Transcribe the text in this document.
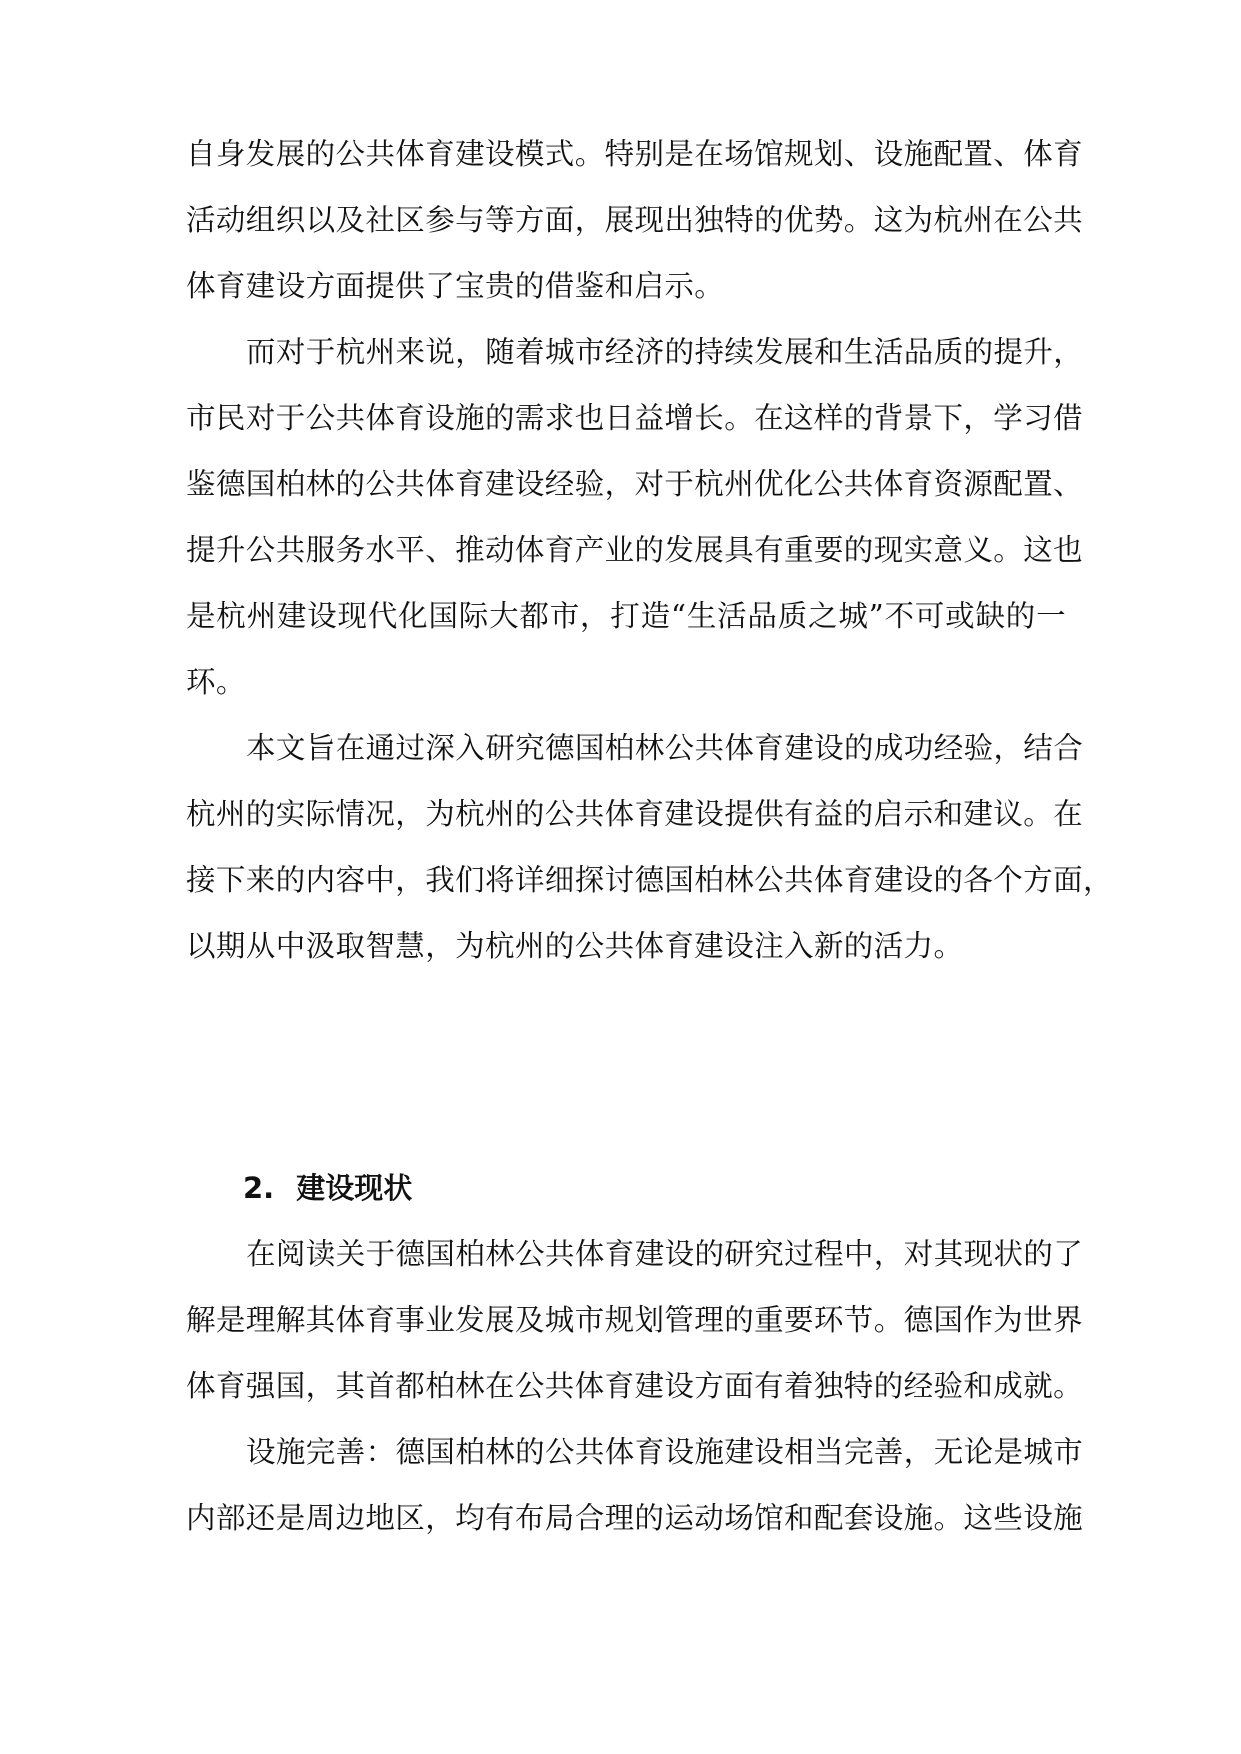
自身发展的公共体育建设模式。特别是在场馆规划、设施配置、体育
活动组织以及社区参与等方面，展现出独特的优势。这为杭州在公共
体育建设方面提供了宝贵的借鉴和启示。
而对于杭州来说，随着城市经济的持续发展和生活品质的提升，
市民对于公共体育设施的需求也日益增长。在这样的背景下，学习借
鉴德国柏林的公共体育建设经验，对于杭州优化公共体育资源配置、
提升公共服务水平、推动体育产业的发展具有重要的现实意义。这也
是杭州建设现代化国际大都市，打造“生活品质之城”不可或缺的一
环。
本文旨在通过深入研究德国柏林公共体育建设的成功经验，结合
杭州的实际情况，为杭州的公共体育建设提供有益的启示和建议。在
接下来的内容中，我们将详细探讨德国柏林公共体育建设的各个方面，
以期从中汲取智慧，为杭州的公共体育建设注入新的活力。
2. 建设现状
在阅读关于德国柏林公共体育建设的研究过程中，对其现状的了
解是理解其体育事业发展及城市规划管理的重要环节。德国作为世界
体育强国，其首都柏林在公共体育建设方面有着独特的经验和成就。
设施完善：德国柏林的公共体育设施建设相当完善，无论是城市
内部还是周边地区，均有布局合理的运动场馆和配套设施。这些设施
